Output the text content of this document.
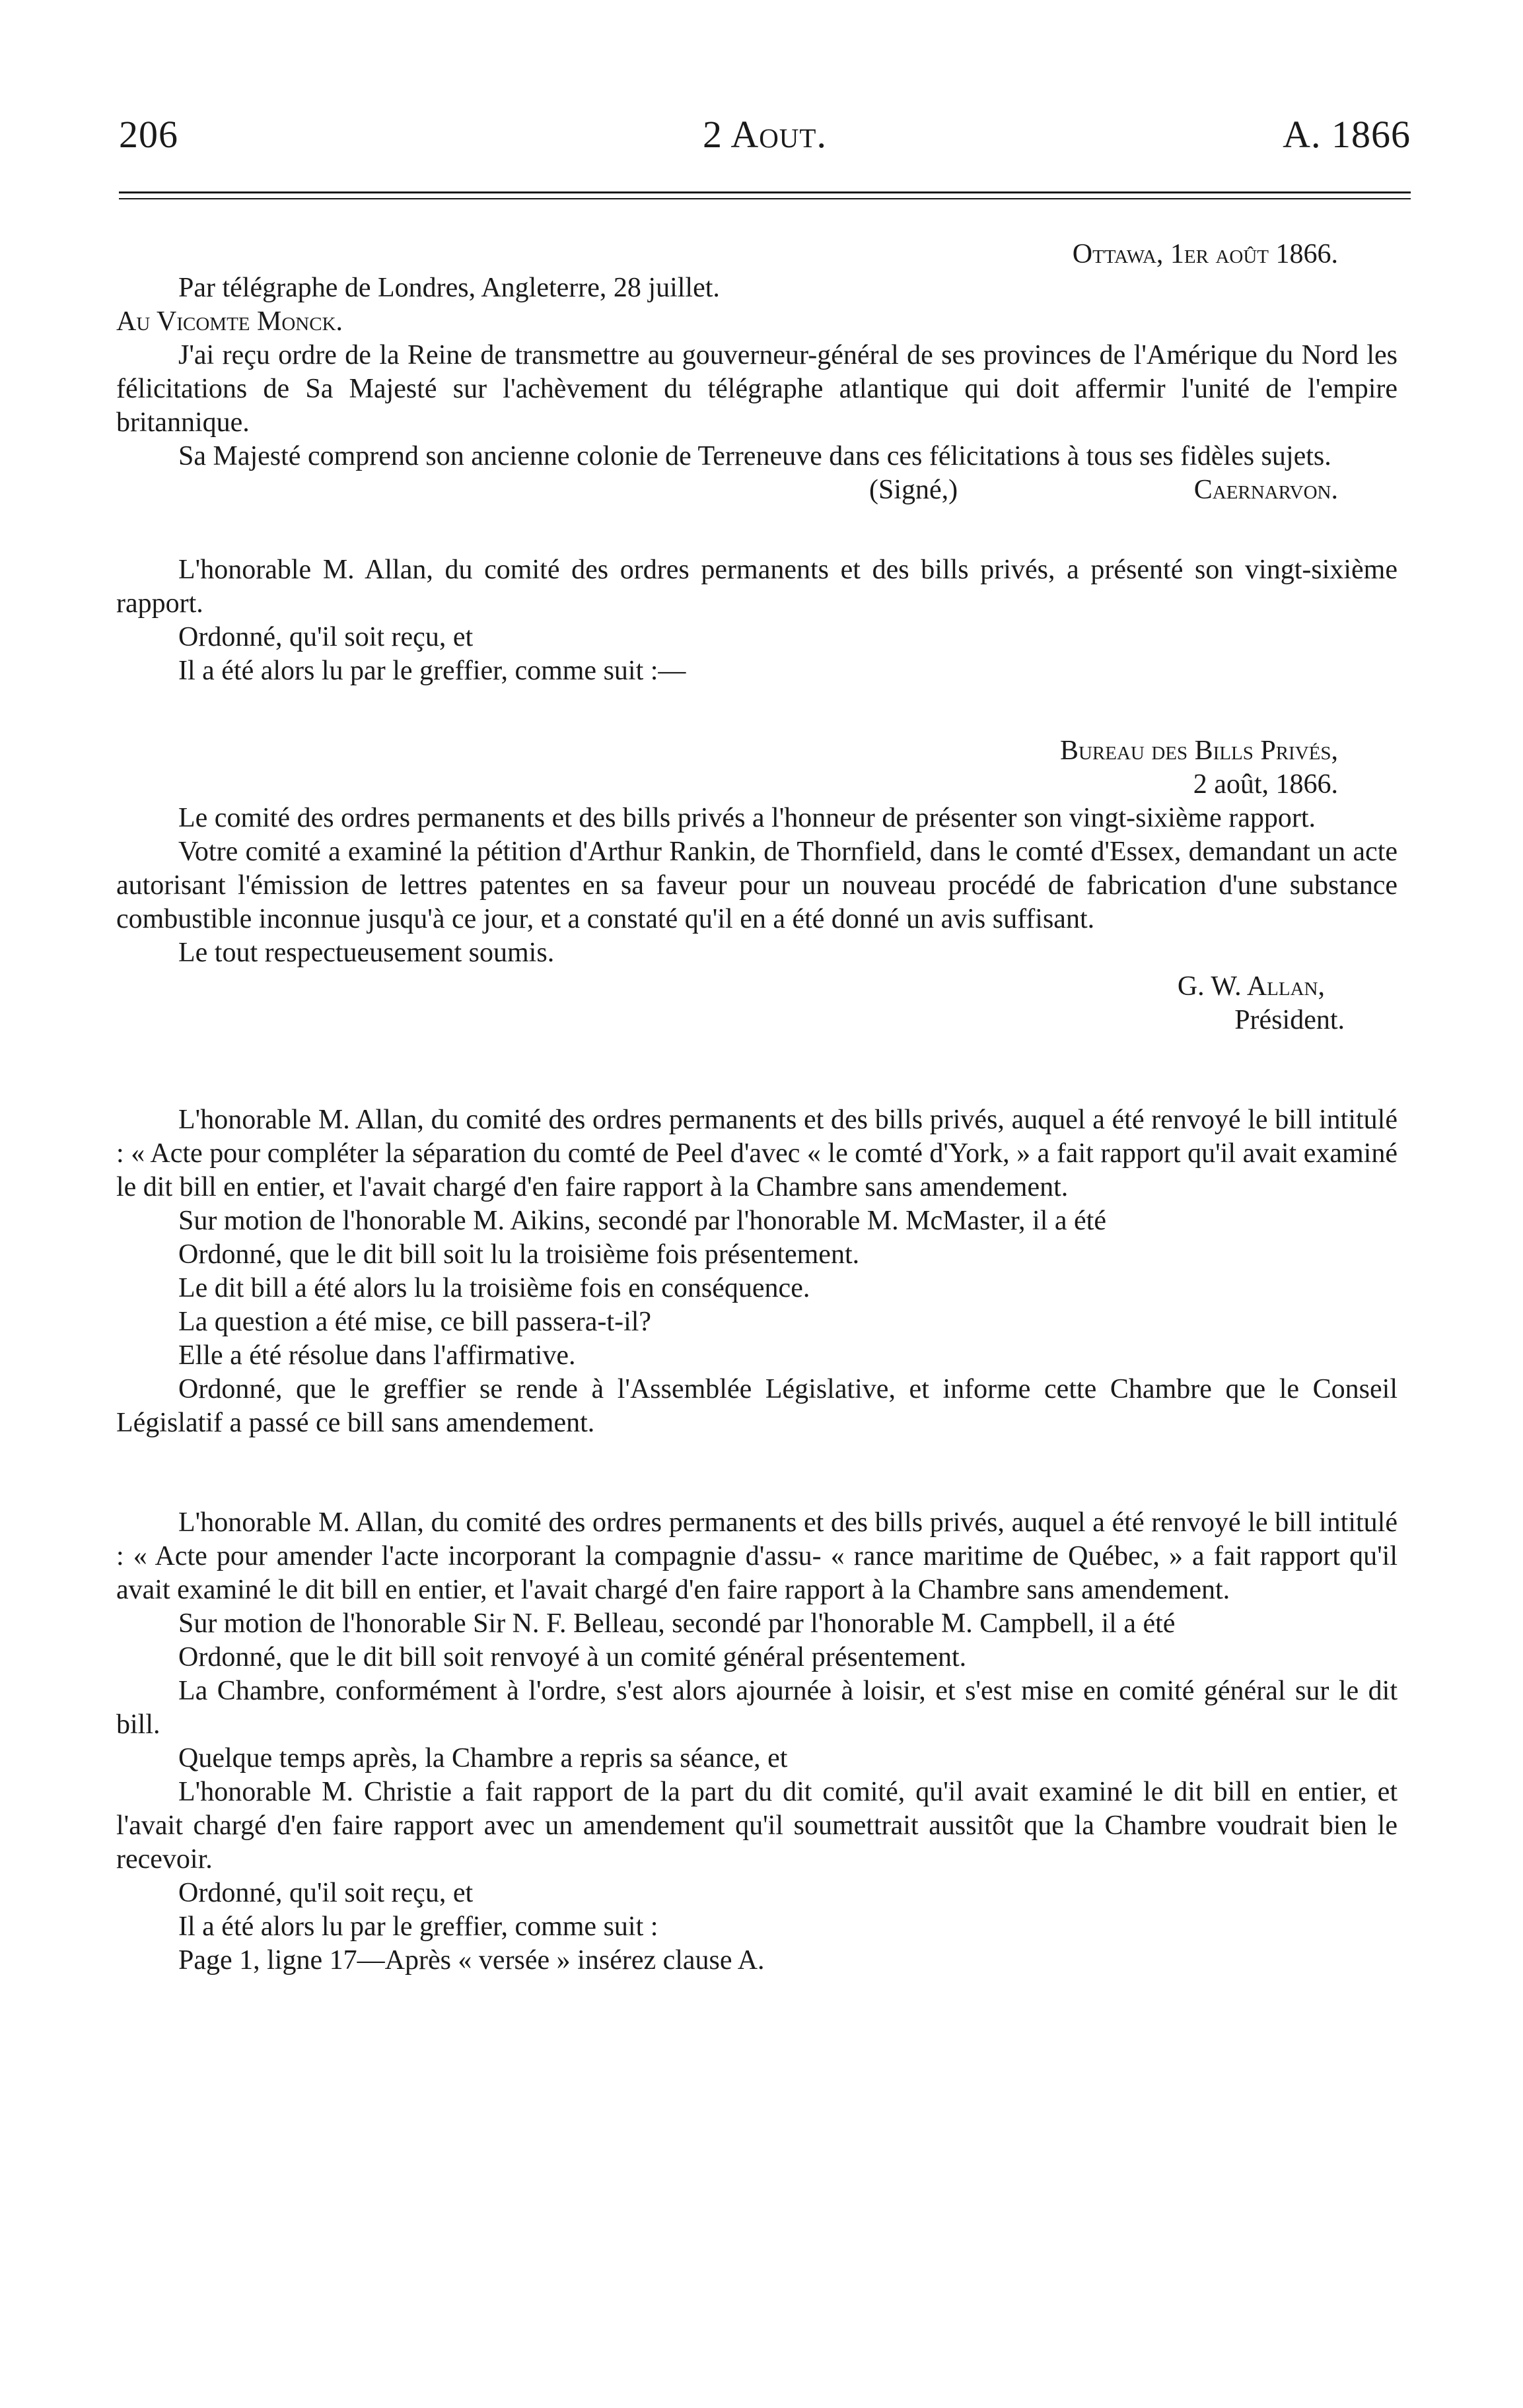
206	2 Aout.	A. 1866

Ottawa, 1er août 1866.

Par télégraphe de Londres, Angleterre, 28 juillet.

Au Vicomte Monck.

J'ai reçu ordre de la Reine de transmettre au gouverneur-général de ses provinces de l'Amérique du Nord les félicitations de Sa Majesté sur l'achèvement du télégraphe atlantique qui doit affermir l'unité de l'empire britannique.

Sa Majesté comprend son ancienne colonie de Terreneuve dans ces félicitations à tous ses fidèles sujets.

(Signé,)	Caernarvon.

L'honorable M. Allan, du comité des ordres permanents et des bills privés, a présenté son vingt-sixième rapport.

Ordonné, qu'il soit reçu, et

Il a été alors lu par le greffier, comme suit :—

Bureau des Bills Privés,

2 août, 1866.

Le comité des ordres permanents et des bills privés a l'honneur de présenter son vingt-sixième rapport.

Votre comité a examiné la pétition d'Arthur Rankin, de Thornfield, dans le comté d'Essex, demandant un acte autorisant l'émission de lettres patentes en sa faveur pour un nouveau procédé de fabrication d'une substance combustible inconnue jusqu'à ce jour, et a constaté qu'il en a été donné un avis suffisant.

Le tout respectueusement soumis.

G. W. Allan,

Président.

L'honorable M. Allan, du comité des ordres permanents et des bills privés, auquel a été renvoyé le bill intitulé : « Acte pour compléter la séparation du comté de Peel d'avec « le comté d'York, » a fait rapport qu'il avait examiné le dit bill en entier, et l'avait chargé d'en faire rapport à la Chambre sans amendement.

Sur motion de l'honorable M. Aikins, secondé par l'honorable M. McMaster, il a été

Ordonné, que le dit bill soit lu la troisième fois présentement.

Le dit bill a été alors lu la troisième fois en conséquence.

La question a été mise, ce bill passera-t-il?

Elle a été résolue dans l'affirmative.

Ordonné, que le greffier se rende à l'Assemblée Législative, et informe cette Chambre que le Conseil Législatif a passé ce bill sans amendement.

L'honorable M. Allan, du comité des ordres permanents et des bills privés, auquel a été renvoyé le bill intitulé : « Acte pour amender l'acte incorporant la compagnie d'assu- « rance maritime de Québec, » a fait rapport qu'il avait examiné le dit bill en entier, et l'avait chargé d'en faire rapport à la Chambre sans amendement.

Sur motion de l'honorable Sir N. F. Belleau, secondé par l'honorable M. Campbell, il a été

Ordonné, que le dit bill soit renvoyé à un comité général présentement.

La Chambre, conformément à l'ordre, s'est alors ajournée à loisir, et s'est mise en comité général sur le dit bill.

Quelque temps après, la Chambre a repris sa séance, et

L'honorable M. Christie a fait rapport de la part du dit comité, qu'il avait examiné le dit bill en entier, et l'avait chargé d'en faire rapport avec un amendement qu'il soumettrait aussitôt que la Chambre voudrait bien le recevoir.

Ordonné, qu'il soit reçu, et

Il a été alors lu par le greffier, comme suit :

Page 1, ligne 17—Après « versée » insérez clause A.
